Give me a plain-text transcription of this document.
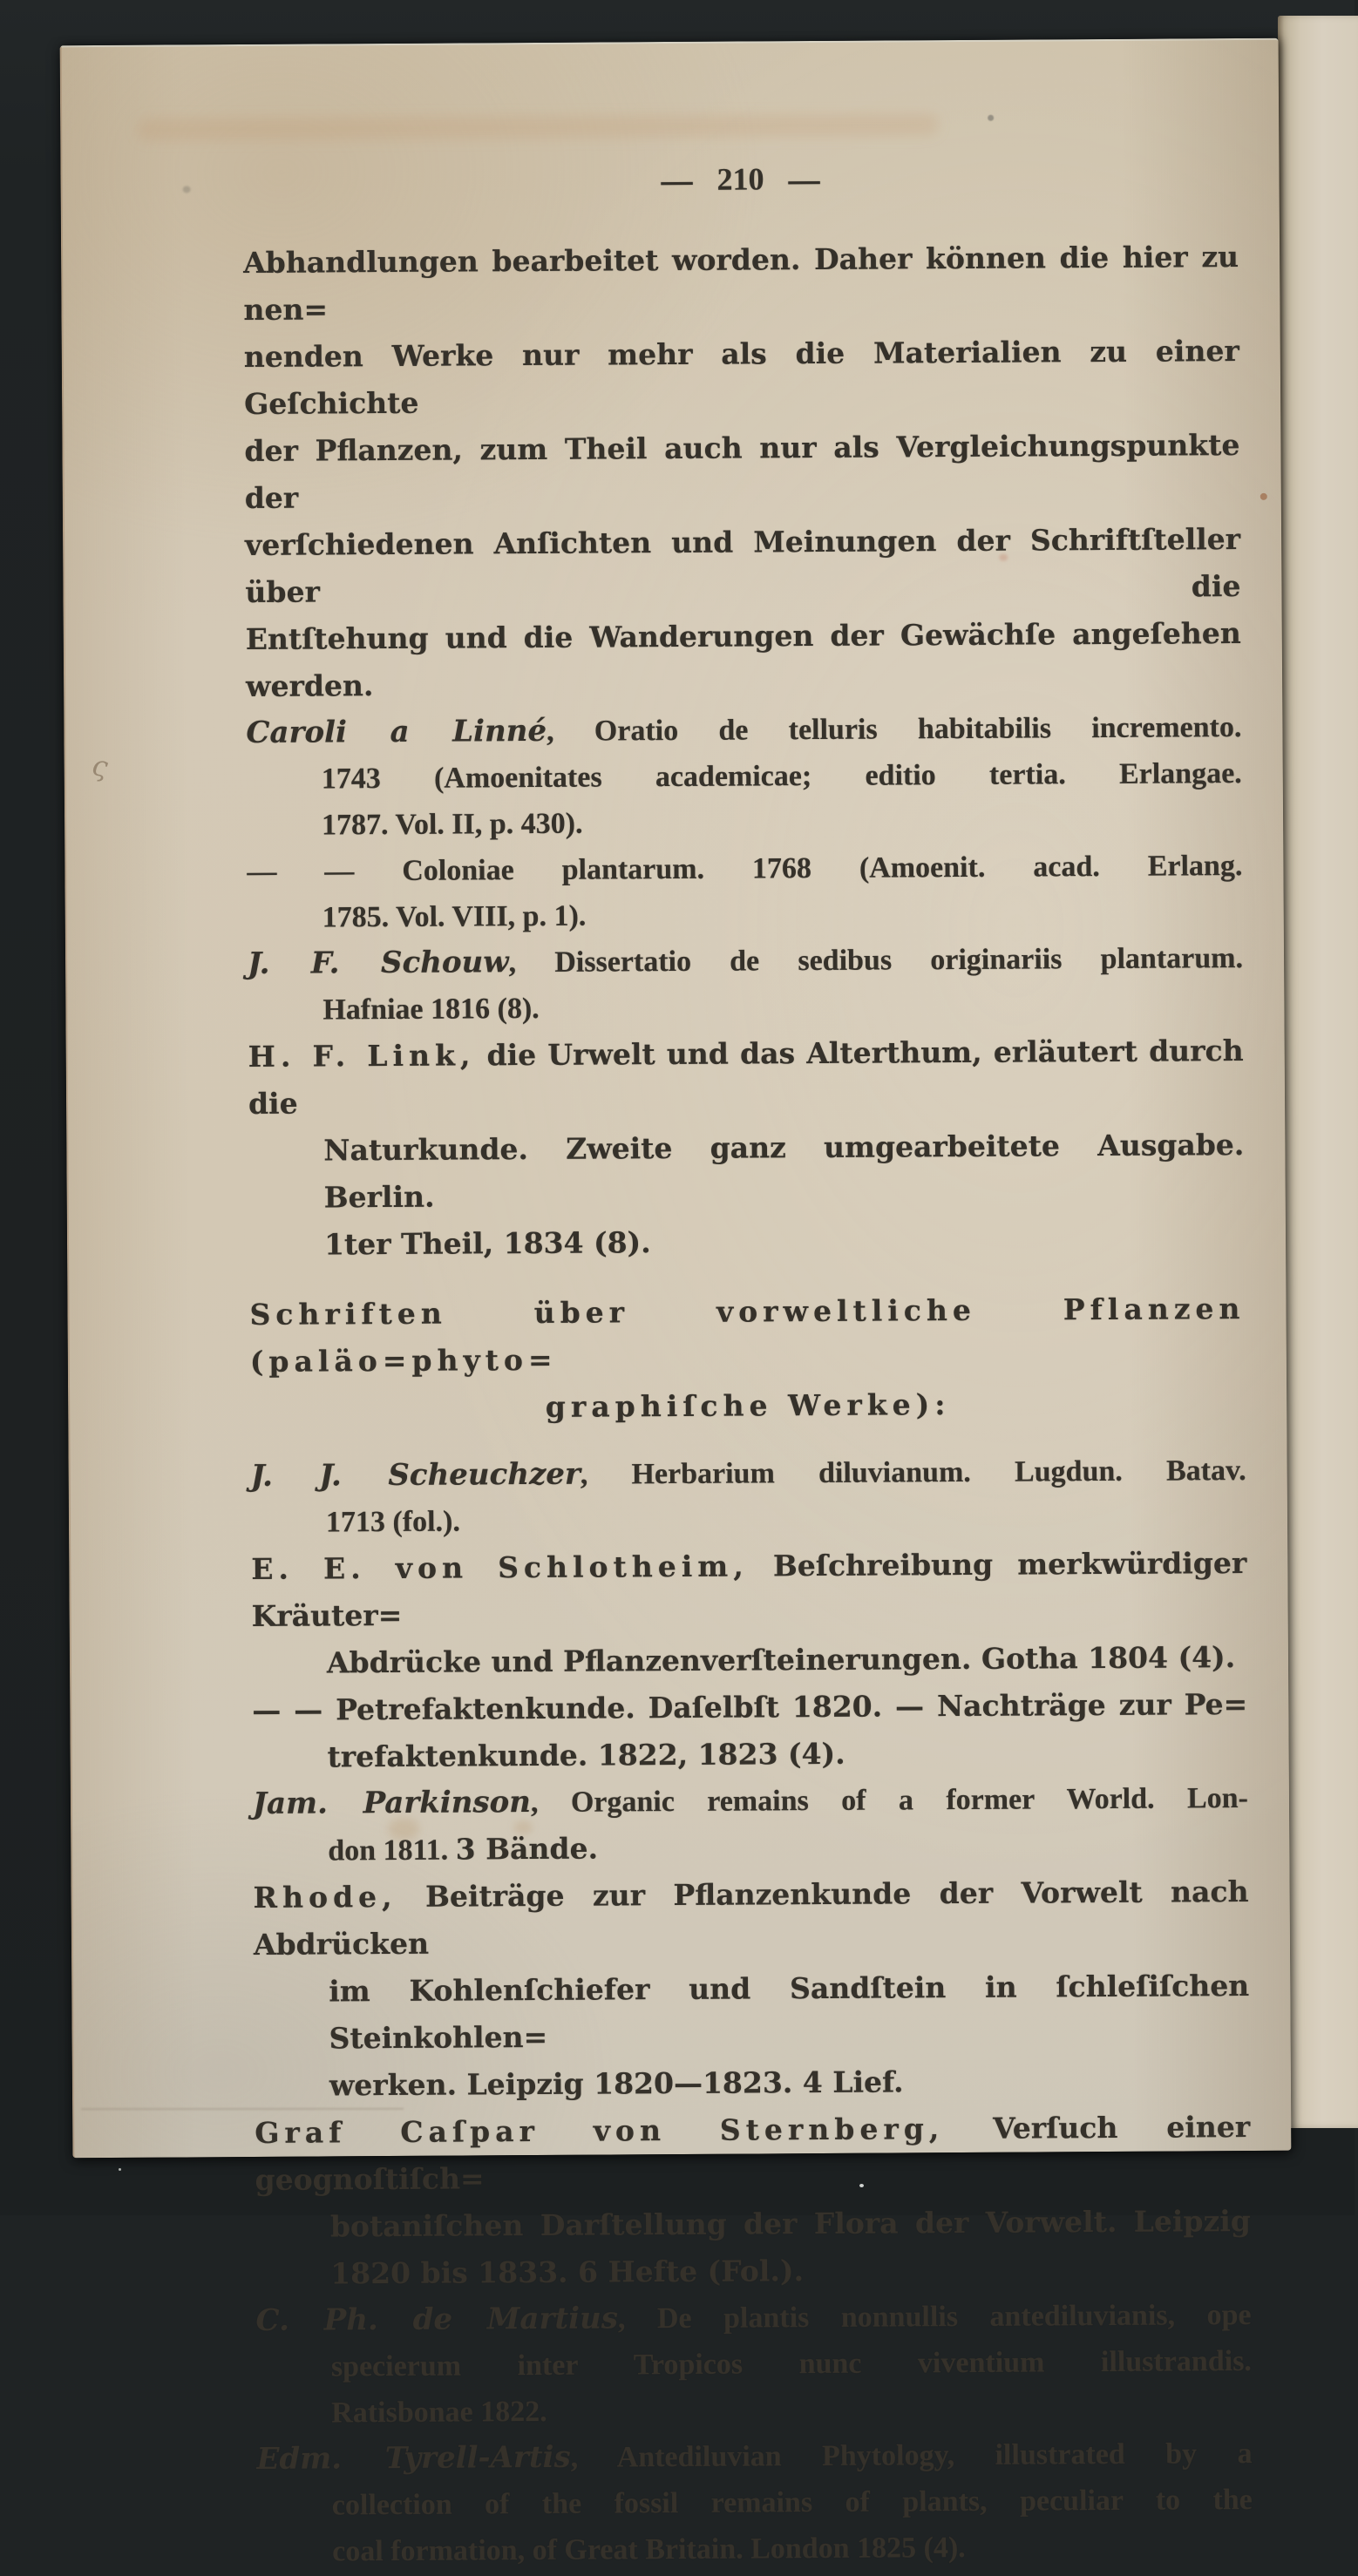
ς
— 210 —
Abhandlungen bearbeitet worden. Daher können die hier zu nen=
nenden Werke nur mehr als die Materialien zu einer Geſchichte
der Pflanzen, zum Theil auch nur als Vergleichungspunkte der
verſchiedenen Anſichten und Meinungen der Schriftſteller über die
Entſtehung und die Wanderungen der Gewächſe angeſehen werden.
Caroli a Linné, Oratio de telluris habitabilis incremento.
1743 (Amoenitates academicae; editio tertia. Erlangae.
1787. Vol. II, p. 430).
— — Coloniae plantarum. 1768 (Amoenit. acad. Erlang.
1785. Vol. VIII, p. 1).
J. F. Schouw, Dissertatio de sedibus originariis plantarum.
Hafniae 1816 (8).
H. F. Link, die Urwelt und das Alterthum, erläutert durch die
Naturkunde. Zweite ganz umgearbeitete Ausgabe. Berlin.
1ter Theil, 1834 (8).
Schriften über vorweltliche Pflanzen (paläo=phyto=
graphiſche Werke):
J. J. Scheuchzer, Herbarium diluvianum. Lugdun. Batav.
1713 (fol.).
E. E. von Schlotheim, Beſchreibung merkwürdiger Kräuter=
Abdrücke und Pflanzenverſteinerungen. Gotha 1804 (4).
— — Petrefaktenkunde. Daſelbſt 1820. — Nachträge zur Pe=
trefaktenkunde. 1822, 1823 (4).
Jam. Parkinson, Organic remains of a former World. Lon-
don 1811. 3 Bände.
Rhode, Beiträge zur Pflanzenkunde der Vorwelt nach Abdrücken
im Kohlenſchiefer und Sandſtein in ſchleſiſchen Steinkohlen=
werken. Leipzig 1820—1823. 4 Lief.
Graf Caſpar von Sternberg, Verſuch einer geognoſtiſch=
botaniſchen Darſtellung der Flora der Vorwelt. Leipzig
1820 bis 1833. 6 Hefte (Fol.).
C. Ph. de Martius, De plantis nonnullis antediluvianis, ope
specierum inter Tropicos nunc viventium illustrandis.
Ratisbonae 1822.
Edm. Tyrell-Artis, Antediluvian Phytology, illustrated by a
collection of the fossil remains of plants, peculiar to the
coal formation, of Great Britain. London 1825 (4).
